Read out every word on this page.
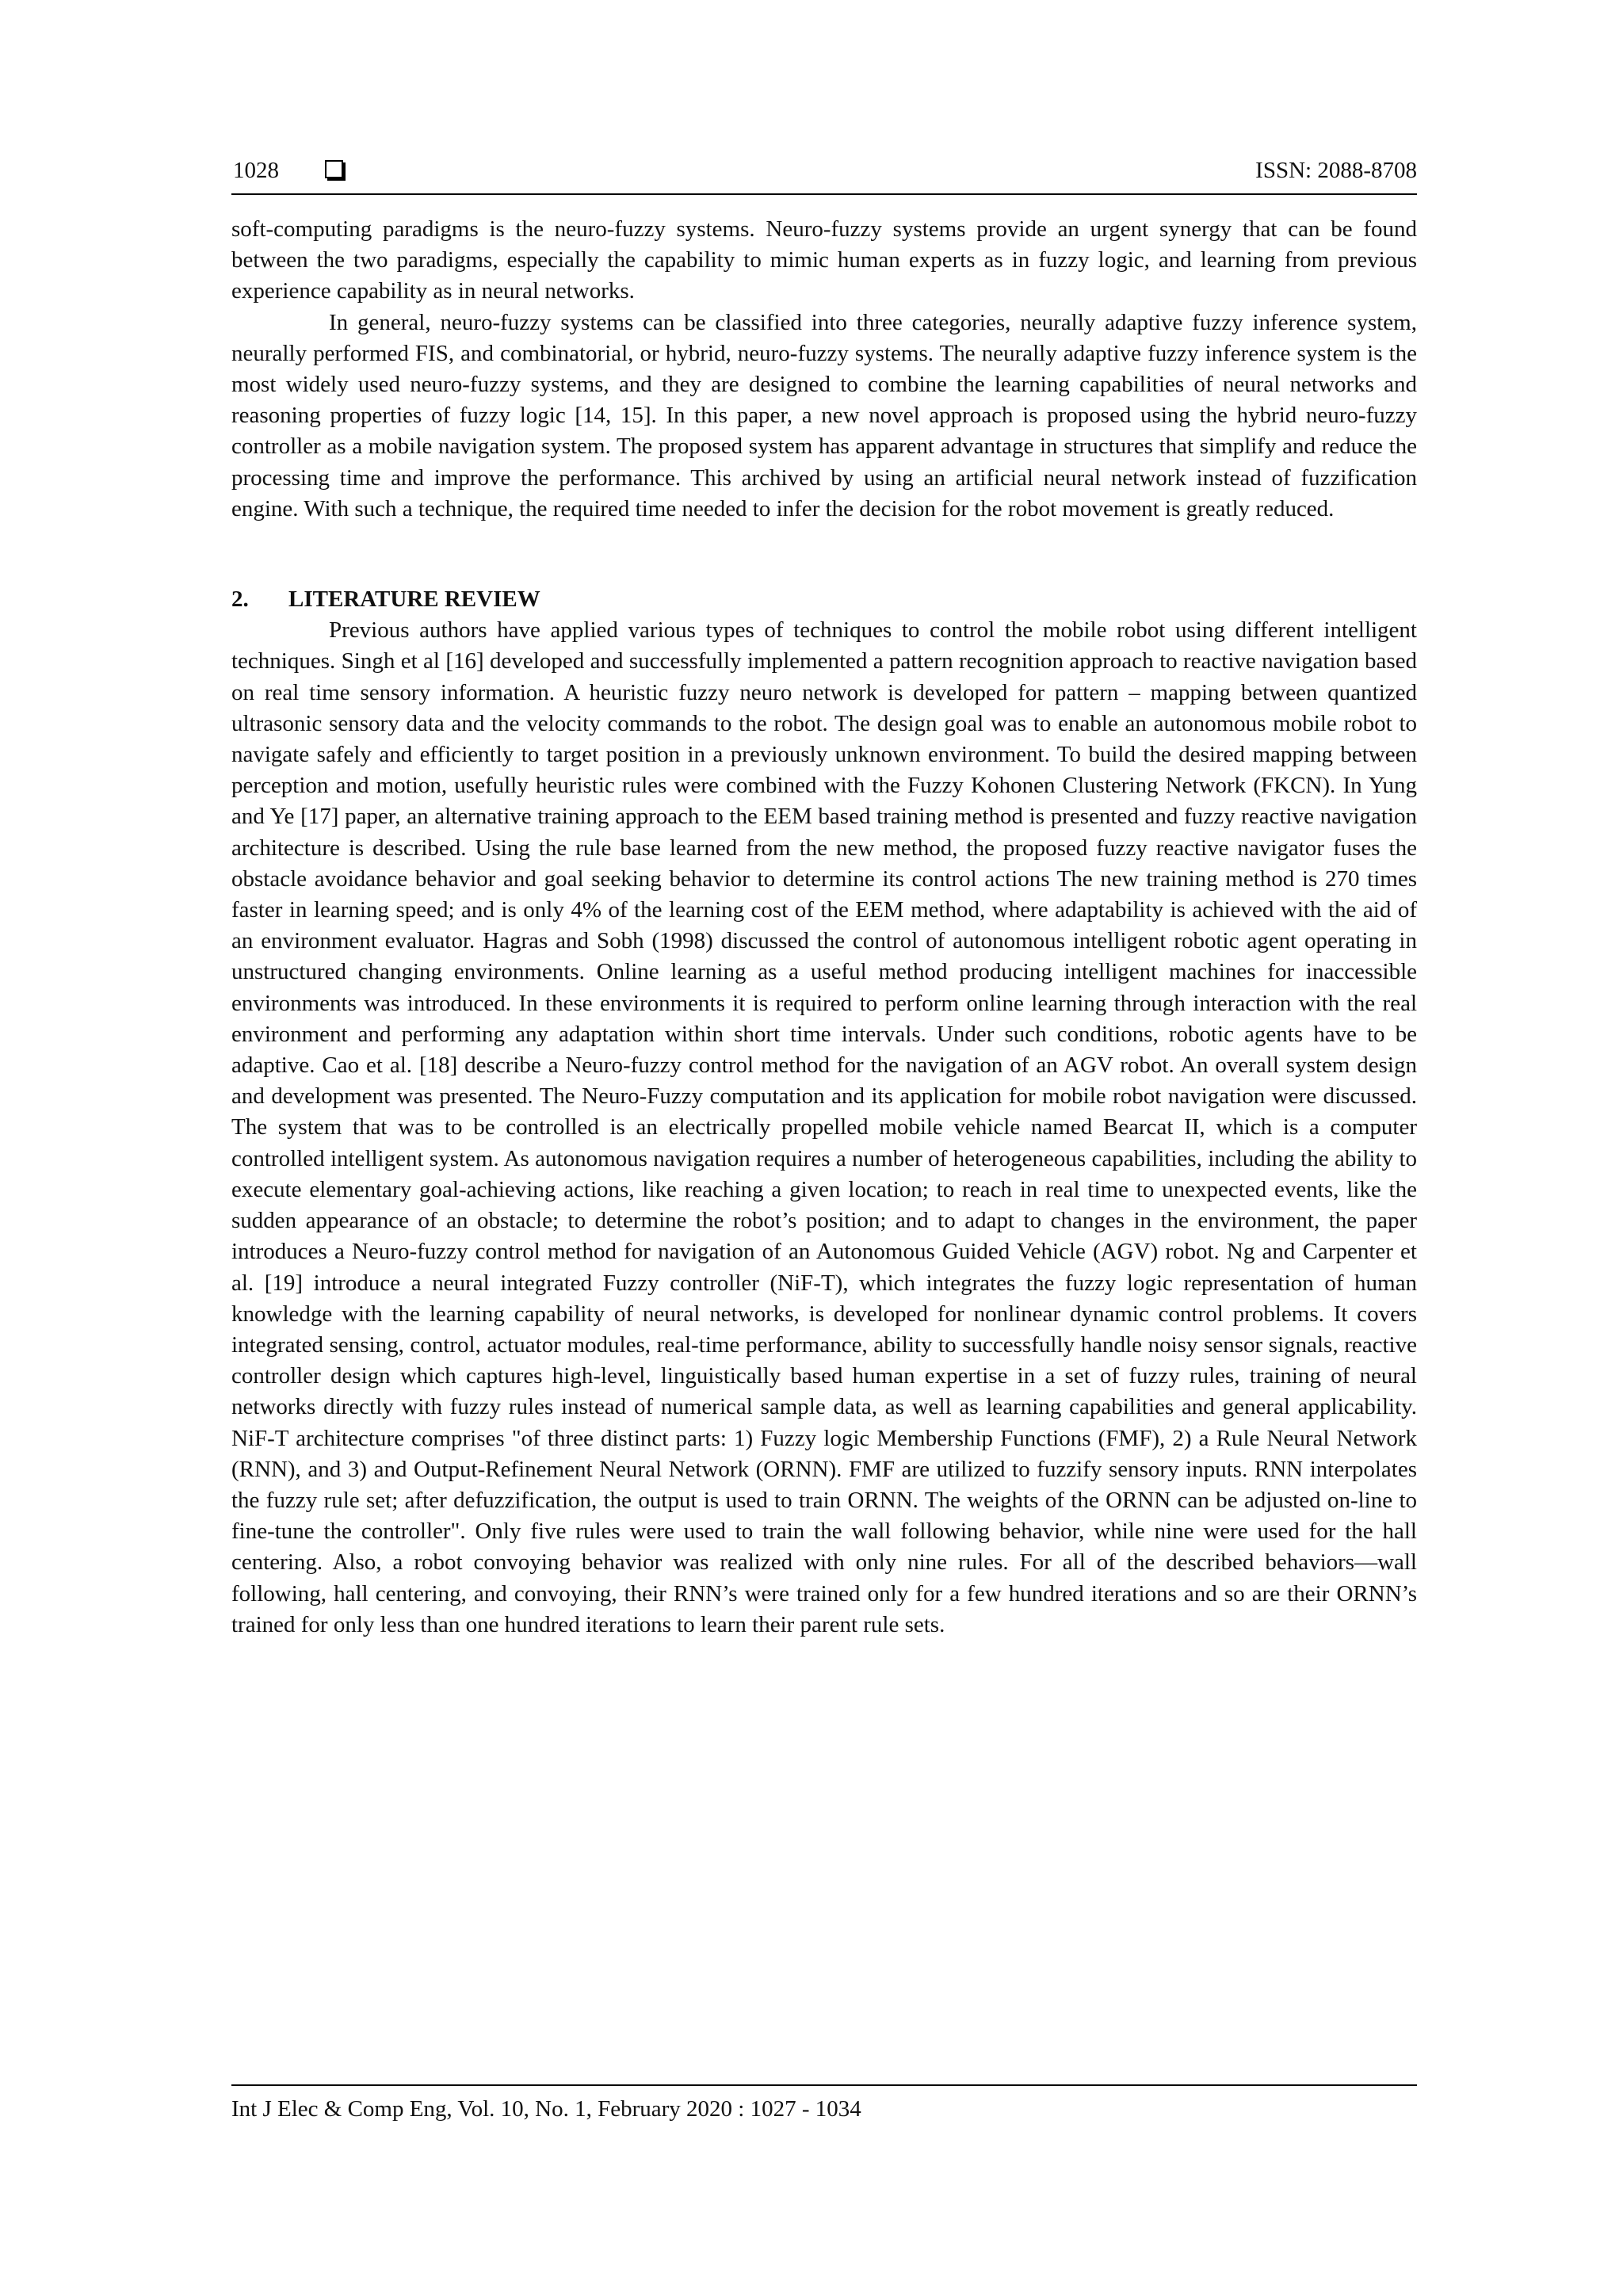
1028	ISSN: 2088-8708

soft-computing paradigms is the neuro-fuzzy systems. Neuro-fuzzy systems provide an urgent synergy that can be found between the two paradigms, especially the capability to mimic human experts as in fuzzy logic, and learning from previous experience capability as in neural networks.

In general, neuro-fuzzy systems can be classified into three categories, neurally adaptive fuzzy inference system, neurally performed FIS, and combinatorial, or hybrid, neuro-fuzzy systems. The neurally adaptive fuzzy inference system is the most widely used neuro-fuzzy systems, and they are designed to combine the learning capabilities of neural networks and reasoning properties of fuzzy logic [14, 15]. In this paper, a new novel approach is proposed using the hybrid neuro-fuzzy controller as a mobile navigation system. The proposed system has apparent advantage in structures that simplify and reduce the processing time and improve the performance. This archived by using an artificial neural network instead of fuzzification engine. With such a technique, the required time needed to infer the decision for the robot movement is greatly reduced.

2.	LITERATURE REVIEW

Previous authors have applied various types of techniques to control the mobile robot using different intelligent techniques. Singh et al [16] developed and successfully implemented a pattern recognition approach to reactive navigation based on real time sensory information. A heuristic fuzzy neuro network is developed for pattern – mapping between quantized ultrasonic sensory data and the velocity commands to the robot. The design goal was to enable an autonomous mobile robot to navigate safely and efficiently to target position in a previously unknown environment. To build the desired mapping between perception and motion, usefully heuristic rules were combined with the Fuzzy Kohonen Clustering Network (FKCN). In Yung and Ye [17] paper, an alternative training approach to the EEM based training method is presented and fuzzy reactive navigation architecture is described. Using the rule base learned from the new method, the proposed fuzzy reactive navigator fuses the obstacle avoidance behavior and goal seeking behavior to determine its control actions The new training method is 270 times faster in learning speed; and is only 4% of the learning cost of the EEM method, where adaptability is achieved with the aid of an environment evaluator. Hagras and Sobh (1998) discussed the control of autonomous intelligent robotic agent operating in unstructured changing environments. Online learning as a useful method producing intelligent machines for inaccessible environments was introduced. In these environments it is required to perform online learning through interaction with the real environment and performing any adaptation within short time intervals. Under such conditions, robotic agents have to be adaptive. Cao et al. [18] describe a Neuro-fuzzy control method for the navigation of an AGV robot. An overall system design and development was presented. The Neuro-Fuzzy computation and its application for mobile robot navigation were discussed. The system that was to be controlled is an electrically propelled mobile vehicle named Bearcat II, which is a computer controlled intelligent system. As autonomous navigation requires a number of heterogeneous capabilities, including the ability to execute elementary goal-achieving actions, like reaching a given location; to reach in real time to unexpected events, like the sudden appearance of an obstacle; to determine the robot’s position; and to adapt to changes in the environment, the paper introduces a Neuro-fuzzy control method for navigation of an Autonomous Guided Vehicle (AGV) robot. Ng and Carpenter et al. [19] introduce a neural integrated Fuzzy controller (NiF-T), which integrates the fuzzy logic representation of human knowledge with the learning capability of neural networks, is developed for nonlinear dynamic control problems. It covers integrated sensing, control, actuator modules, real-time performance, ability to successfully handle noisy sensor signals, reactive controller design which captures high-level, linguistically based human expertise in a set of fuzzy rules, training of neural networks directly with fuzzy rules instead of numerical sample data, as well as learning capabilities and general applicability. NiF-T architecture comprises "of three distinct parts: 1) Fuzzy logic Membership Functions (FMF), 2) a Rule Neural Network (RNN), and 3) and Output-Refinement Neural Network (ORNN). FMF are utilized to fuzzify sensory inputs. RNN interpolates the fuzzy rule set; after defuzzification, the output is used to train ORNN. The weights of the ORNN can be adjusted on-line to fine-tune the controller". Only five rules were used to train the wall following behavior, while nine were used for the hall centering. Also, a robot convoying behavior was realized with only nine rules. For all of the described behaviors—wall following, hall centering, and convoying, their RNN’s were trained only for a few hundred iterations and so are their ORNN’s trained for only less than one hundred iterations to learn their parent rule sets.

Int J Elec & Comp Eng, Vol. 10, No. 1, February 2020 : 1027 - 1034
